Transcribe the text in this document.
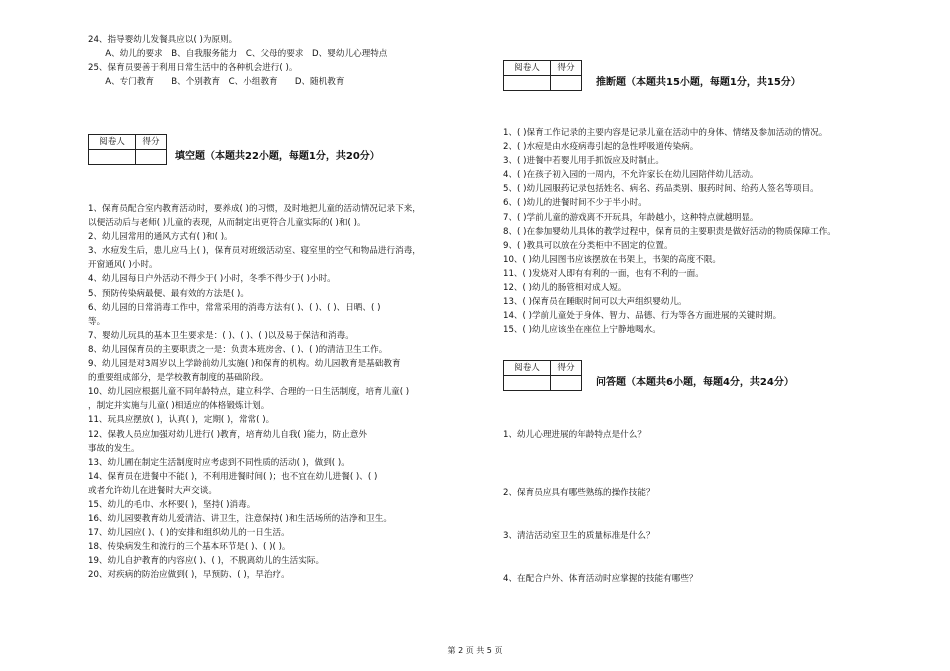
24、指导婴幼儿发餐具应以( )为原则。
　　A、幼儿的要求　B、自我服务能力　C、父母的要求　D、婴幼儿心理特点
25、保育员要善于利用日常生活中的各种机会进行( )。
　　A、专门教育　　B、个别教育　C、小组教育　　D、随机教育
阅卷人	得分

填空题（本题共22小题，每题1分，共20分）
1、保育员配合室内教育活动时，要养成( )的习惯，及时地把儿童的活动情况记录下来，
以便活动后与老师( )儿童的表现，从而制定出更符合儿童实际的( )和( )。
2、幼儿园常用的通风方式有( )和( )。
3、水痘发生后，患儿应马上( )，保育员对班级活动室、寝室里的空气和物品进行消毒，
开窗通风( )小时。
4、幼儿园每日户外活动不得少于( )小时，冬季不得少于( )小时。
5、预防传染病最便、最有效的方法是( )。
6、幼儿园的日常消毒工作中，常常采用的消毒方法有( )、( )、( )、日晒、( )
等。
7、婴幼儿玩具的基本卫生要求是：( )、( )、( )以及易于保洁和消毒。
8、幼儿园保育员的主要职责之一是：负责本班房舍、( )、( )的清洁卫生工作。
9、幼儿园是对3周岁以上学龄前幼儿实施( )和保育的机构。幼儿园教育是基础教育
的重要组成部分，是学校教育制度的基础阶段。
10、幼儿园应根据儿童不同年龄特点，建立科学、合理的一日生活制度，培育儿童( )
，制定并实施与儿童( )相适应的体格锻炼计划。
11、玩具应摆放( )，认真( )，定期( )，常常( )。
12、保教人员应加强对幼儿进行( )教育，培育幼儿自我( )能力，防止意外
事故的发生。
13、幼儿圃在制定生活制度时应考虑到不同性质的活动( )，做到( )。
14、保育员在进餐中不能( )，不利用进餐时间( )；也不宜在幼儿进餐( )、( )
或者允许幼儿在进餐时大声交谈。
15、幼儿的毛巾、水杯要( )，坚持( )消毒。
16、幼儿园要教育幼儿爱清洁、讲卫生，注意保持( )和生活场所的洁净和卫生。
17、幼儿园应( )、( )的安排和组织幼儿的一日生活。
18、传染病发生和流行的三个基本环节是( )、( )( )。
19、幼儿自护教育的内容应( )、( )，不脱离幼儿的生活实际。
20、对疾病的防治应做到( )，早预防、( )，早治疗。
阅卷人	得分

推断题（本题共15小题，每题1分，共15分）
1、( )保育工作记录的主要内容是记录儿童在活动中的身体、情绪及参加活动的情况。
2、( )水痘是由水疫病毒引起的急性呼吸道传染病。
3、( )进餐中若婴儿用手抓饭应及时制止。
4、( )在孩子初入园的一周内，不允许家长在幼儿园陪伴幼儿活动。
5、( )幼儿园服药记录包括姓名、病名、药品类别、服药时间、给药人签名等项目。
6、( )幼儿的进餐时间不少于半小时。
7、( )学前儿童的游戏离不开玩具，年龄越小，这种特点就越明显。
8、( )在参加婴幼儿具体的教学过程中，保育员的主要职责是做好活动的物质保障工作。
9、( )教具可以放在分类柜中不固定的位置。
10、( )幼儿园图书应该摆放在书架上，书架的高度不限。
11、( )发烧对人即有有利的一面，也有不利的一面。
12、( )幼儿的肠管相对成人短。
13、( )保育员在睡眠时间可以大声组织婴幼儿。
14、( )学前儿童处于身体、智力、品德、行为等各方面进展的关键时期。
15、( )幼儿应该坐在座位上宁静地喝水。
阅卷人	得分

问答题（本题共6小题，每题4分，共24分）
1、幼儿心理进展的年龄特点是什么？
2、保育员应具有哪些熟练的操作技能？
3、清洁活动室卫生的质量标准是什么？
4、在配合户外、体育活动时应掌握的技能有哪些？
第 2 页 共 5 页
